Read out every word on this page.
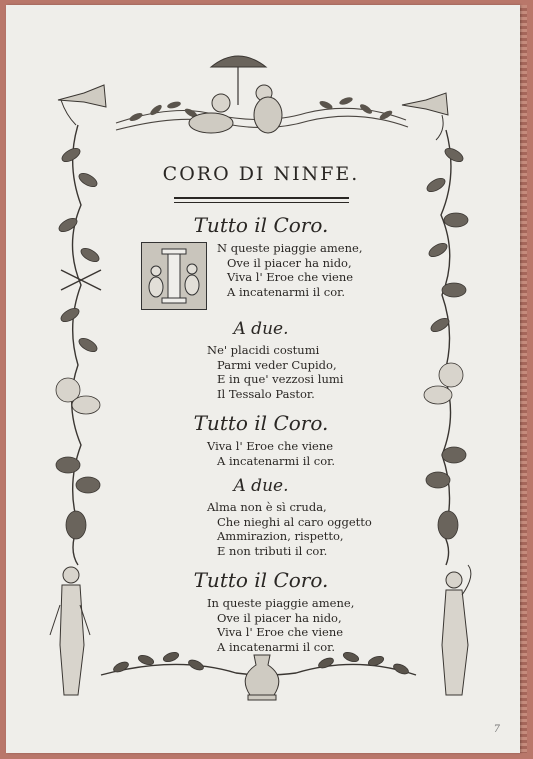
CORO DI NINFE.
Tutto il Coro.
N queste piaggie amene,
Ove il piacer ha nido,
Viva l' Eroe che viene
A incatenarmi il cor.
A due.
Ne' placidi costumi
Parmi veder Cupido,
E in que' vezzosi lumi
Il Tessalo Pastor.
Tutto il Coro.
Viva l' Eroe che viene
A incatenarmi il cor.
A due.
Alma non è sì cruda,
Che nieghi al caro oggetto
Ammirazion, rispetto,
E non tributi il cor.
Tutto il Coro.
In queste piaggie amene,
Ove il piacer ha nido,
Viva l' Eroe che viene
A incatenarmi il cor.
7
